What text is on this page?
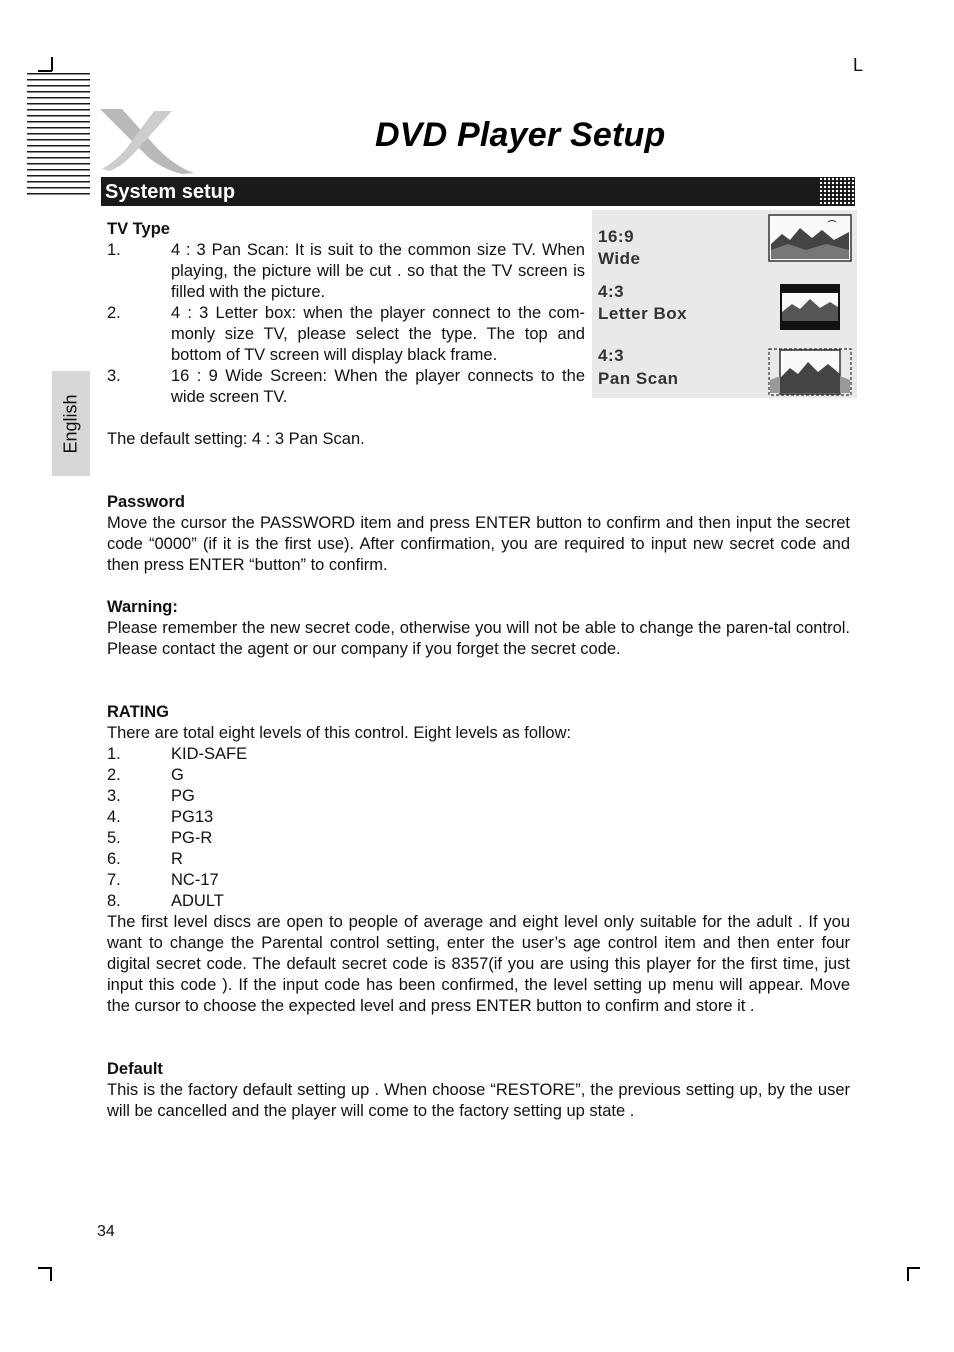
L
DVD Player Setup
System setup
English
16:9
Wide
4:3
Letter Box
4:3
Pan Scan
TV Type
1.	4 : 3 Pan Scan: It is suit to the common size TV. When playing, the picture will be cut . so that the TV screen is filled with the picture.
2.	4 : 3 Letter box: when the player connect to the com-monly size TV, please select the type. The top and bottom of TV screen will display black frame.
3.	16 : 9 Wide Screen: When the player connects to the wide screen TV.

The default setting: 4 : 3 Pan Scan.

Password

Move the cursor the PASSWORD item and press ENTER button to confirm and then input the secret code “0000” (if it is the first use). After confirmation, you are required to input new secret code and then press ENTER “button” to confirm.

Warning:

Please remember the new secret code, otherwise you will not be able to change the paren-tal control. Please contact the agent or our company if you forget the secret code.

RATING

There are total eight levels of this control. Eight levels as follow:

1.	KID-SAFE
2.	G
3.	PG
4.	PG13
5.	PG-R
6.	R
7.	NC-17
8.	ADULT

The first level discs are open to people of average and eight level only suitable for the adult . If you want to change the Parental control setting, enter the user’s age control item and then enter four digital secret code. The default secret code is 8357(if you are using this player for the first time, just input this code ). If the input code has been confirmed, the level setting up menu will appear. Move the cursor to choose the expected level and press ENTER button to confirm and store it .

Default

This is the factory default setting up . When choose “RESTORE”, the previous setting up, by the user will be cancelled and the player will come to the factory setting up state .

34
